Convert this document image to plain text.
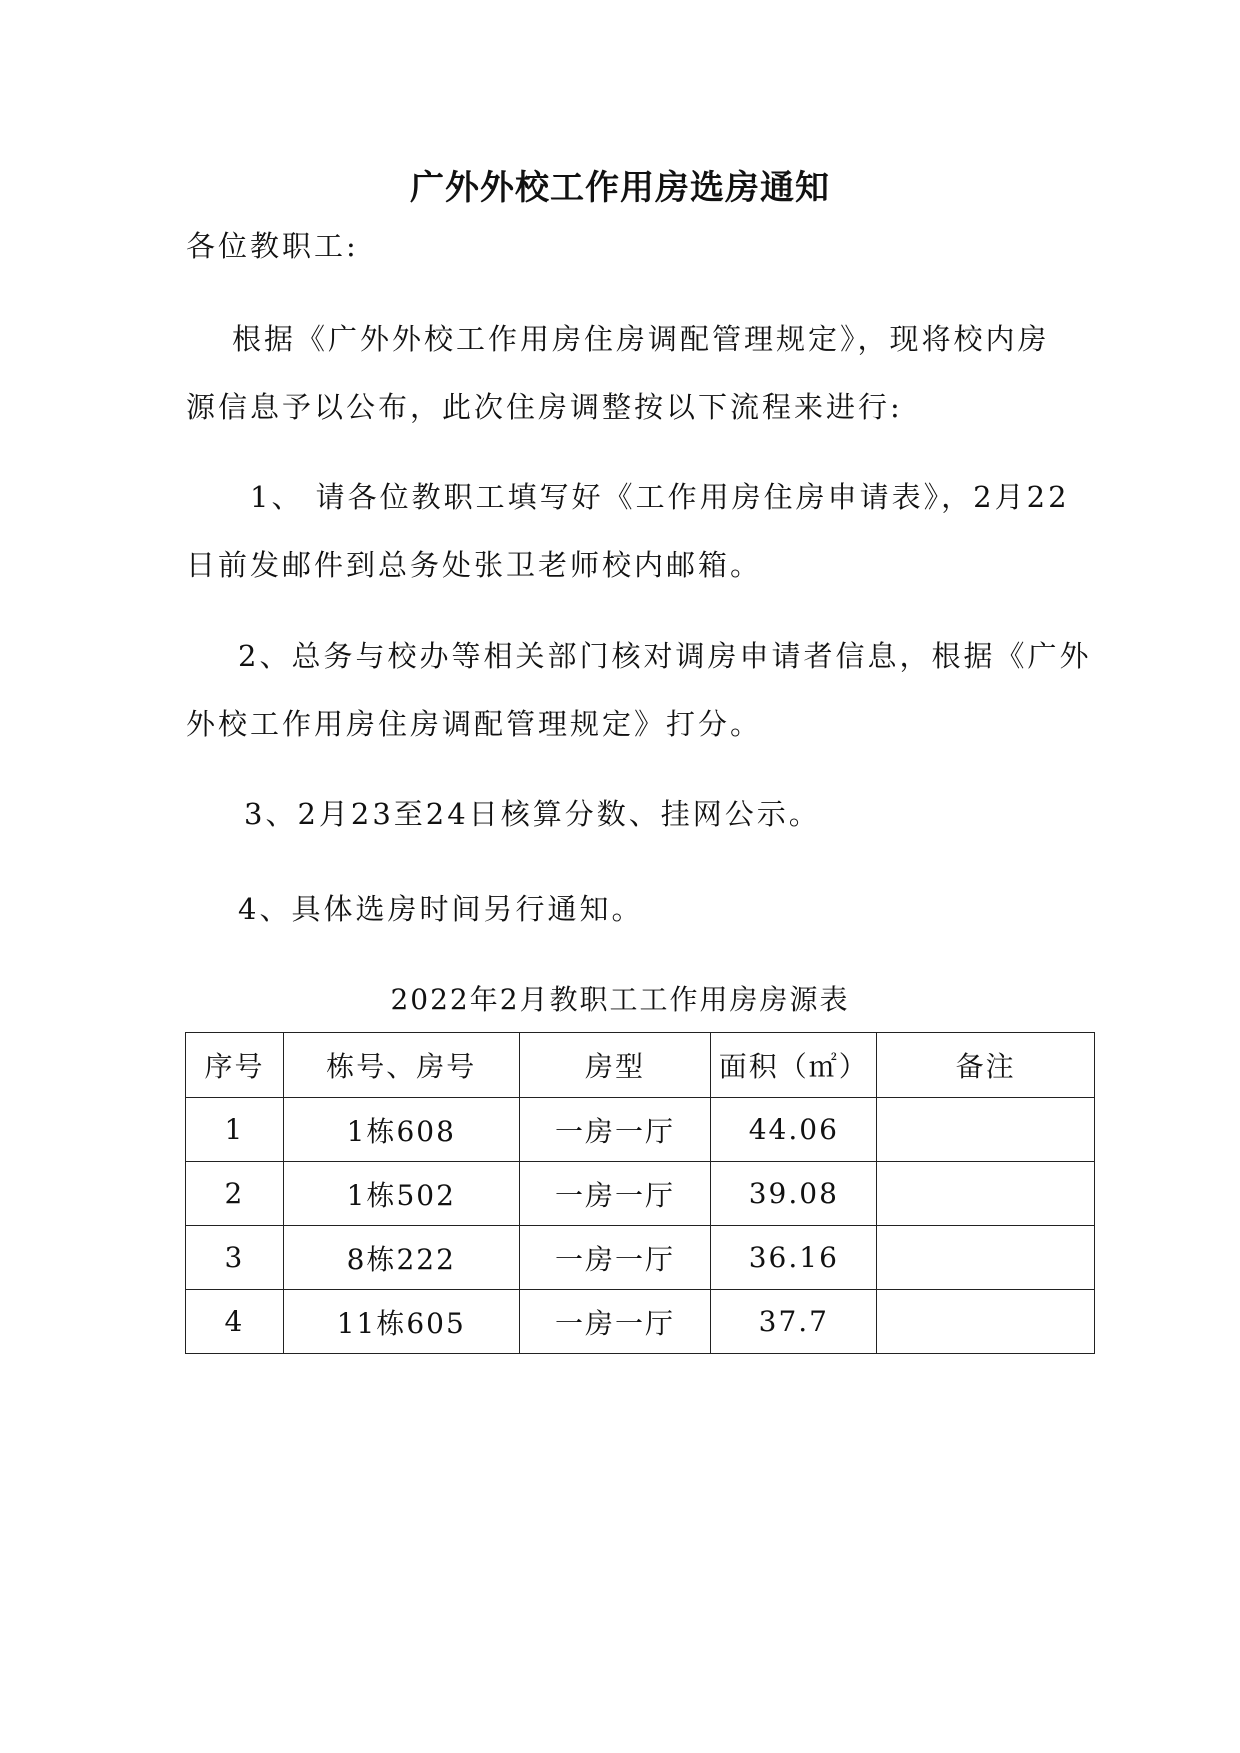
广外外校工作用房选房通知
各位教职工:
根据《广外外校工作用房住房调配管理规定》，现将校内房
源信息予以公布，此次住房调整按以下流程来进行:
1、 请各位教职工填写好《工作用房住房申请表》，2月22
日前发邮件到总务处张卫老师校内邮箱。
2、总务与校办等相关部门核对调房申请者信息，根据《广外
外校工作用房住房调配管理规定》打分。
3、2月23至24日核算分数、挂网公示。
4、具体选房时间另行通知。
2022年2月教职工工作用房房源表
序号	栋号、房号	房型	面积（㎡）	备注
1	1栋608	一房一厅	44.06	
2	1栋502	一房一厅	39.08	
3	8栋222	一房一厅	36.16	
4	11栋605	一房一厅	37.7	
